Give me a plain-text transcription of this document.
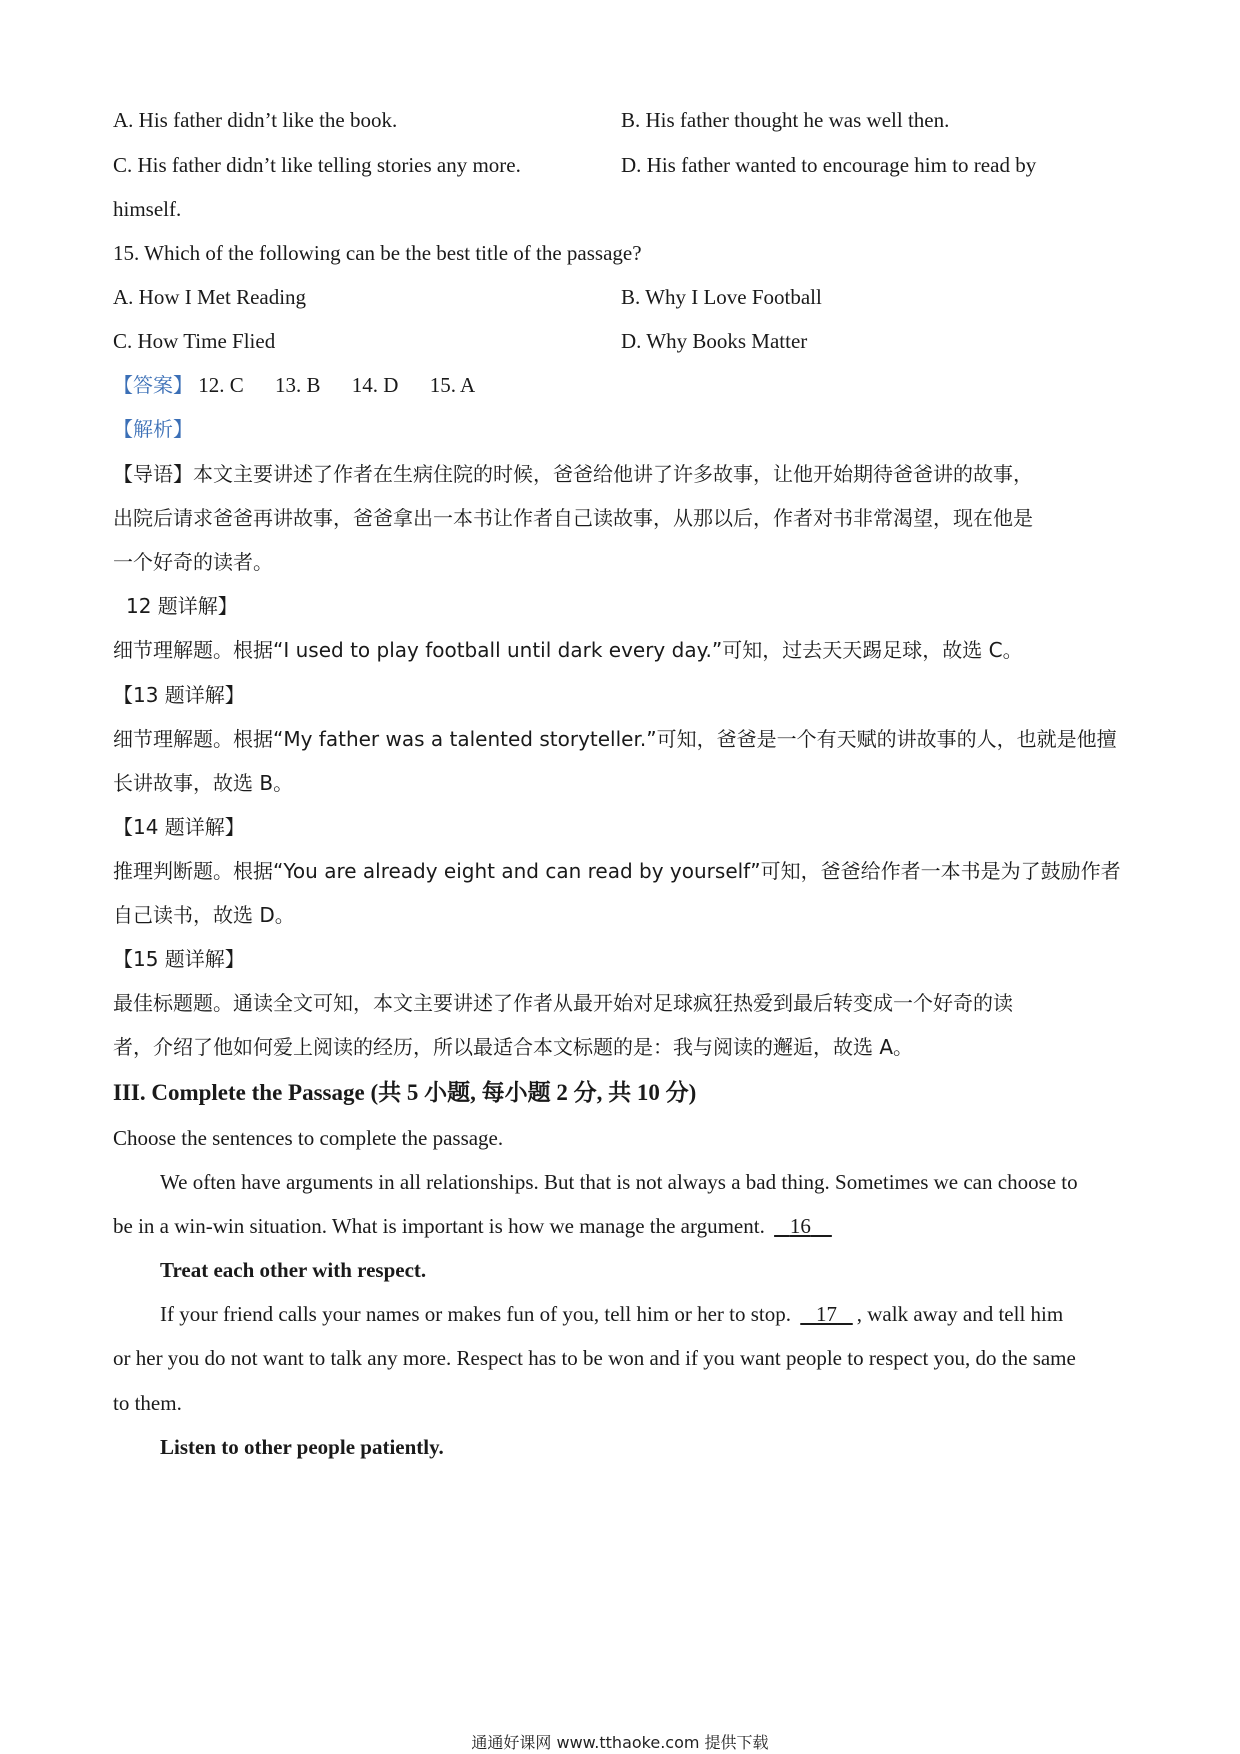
A. His father didn’t like the book.	B. His father thought he was well then.
C. His father didn’t like telling stories any more.	D. His father wanted to encourage him to read by
himself.
15. Which of the following can be the best title of the passage?
A. How I Met Reading	B. Why I Love Football
C. How Time Flied	D. Why Books Matter
【答案】 12. C 13. B 14. D 15. A
【解析】
【导语】本文主要讲述了作者在生病住院的时候，爸爸给他讲了许多故事，让他开始期待爸爸讲的故事，
出院后请求爸爸再讲故事，爸爸拿出一本书让作者自己读故事，从那以后，作者对书非常渴望，现在他是
一个好奇的读者。
12 题详解】
细节理解题。根据“I used to play football until dark every day.”可知，过去天天踢足球，故选 C。
【13 题详解】
细节理解题。根据“My father was a talented storyteller.”可知，爸爸是一个有天赋的讲故事的人，也就是他擅
长讲故事，故选 B。
【14 题详解】
推理判断题。根据“You are already eight and can read by yourself”可知，爸爸给作者一本书是为了鼓励作者
自己读书，故选 D。
【15 题详解】
最佳标题题。通读全文可知，本文主要讲述了作者从最开始对足球疯狂热爱到最后转变成一个好奇的读
者，介绍了他如何爱上阅读的经历，所以最适合本文标题的是：我与阅读的邂逅，故选 A。
III. Complete the Passage (共 5 小题, 每小题 2 分, 共 10 分)
Choose the sentences to complete the passage.
We often have arguments in all relationships. But that is not always a bad thing. Sometimes we can choose to
be in a win-win situation. What is important is how we manage the argument. 16
Treat each other with respect.
If your friend calls your names or makes fun of you, tell him or her to stop. 17 , walk away and tell him
or her you do not want to talk any more. Respect has to be won and if you want people to respect you, do the same
to them.
Listen to other people patiently.
通通好课网 www.tthaoke.com 提供下载
